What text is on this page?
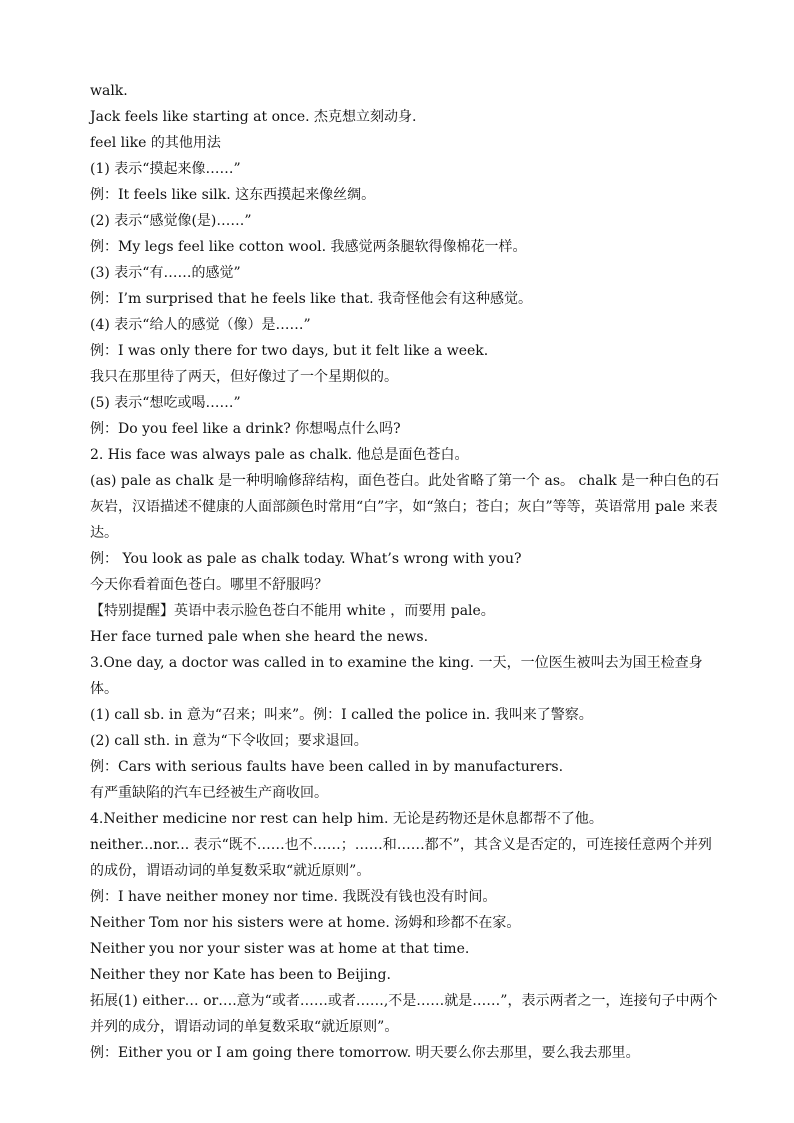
walk.

Jack feels like starting at once. 杰克想立刻动身.

feel like 的其他用法

(1) 表示“摸起来像……”

例：It feels like silk. 这东西摸起来像丝绸。

(2) 表示“感觉像(是)……”

例：My legs feel like cotton wool. 我感觉两条腿软得像棉花一样。

(3) 表示“有……的感觉”

例：I’m surprised that he feels like that. 我奇怪他会有这种感觉。

(4) 表示“给人的感觉（像）是……”

例：I was only there for two days, but it felt like a week.

我只在那里待了两天，但好像过了一个星期似的。

(5) 表示“想吃或喝……”

例：Do you feel like a drink? 你想喝点什么吗?

2. His face was always pale as chalk. 他总是面色苍白。

(as) pale as chalk 是一种明喻修辞结构，面色苍白。此处省略了第一个 as。 chalk 是一种白色的石灰岩，汉语描述不健康的人面部颜色时常用“白”字，如“煞白；苍白；灰白”等等，英语常用 pale 来表达。

例： You look as pale as chalk today. What’s wrong with you?

今天你看着面色苍白。哪里不舒服吗？

【特别提醒】英语中表示脸色苍白不能用 white ，而要用 pale。

Her face turned pale when she heard the news.

3.One day, a doctor was called in to examine the king. 一天，一位医生被叫去为国王检查身体。

(1) call sb. in 意为“召来；叫来”。例：I called the police in. 我叫来了警察。

(2) call sth. in 意为“下令收回；要求退回。

例：Cars with serious faults have been called in by manufacturers.

有严重缺陷的汽车已经被生产商收回。

4.Neither medicine nor rest can help him. 无论是药物还是休息都帮不了他。

neither...nor... 表示“既不……也不……；……和……都不”，其含义是否定的，可连接任意两个并列的成份，谓语动词的单复数采取“就近原则”。

例：I have neither money nor time. 我既没有钱也没有时间。

Neither Tom nor his sisters were at home. 汤姆和珍都不在家。

Neither you nor your sister was at home at that time.

Neither they nor Kate has been to Beijing.

拓展(1) either… or….意为“或者……或者……,不是……就是……”，表示两者之一，连接句子中两个并列的成分，谓语动词的单复数采取“就近原则”。

例：Either you or I am going there tomorrow. 明天要么你去那里，要么我去那里。
